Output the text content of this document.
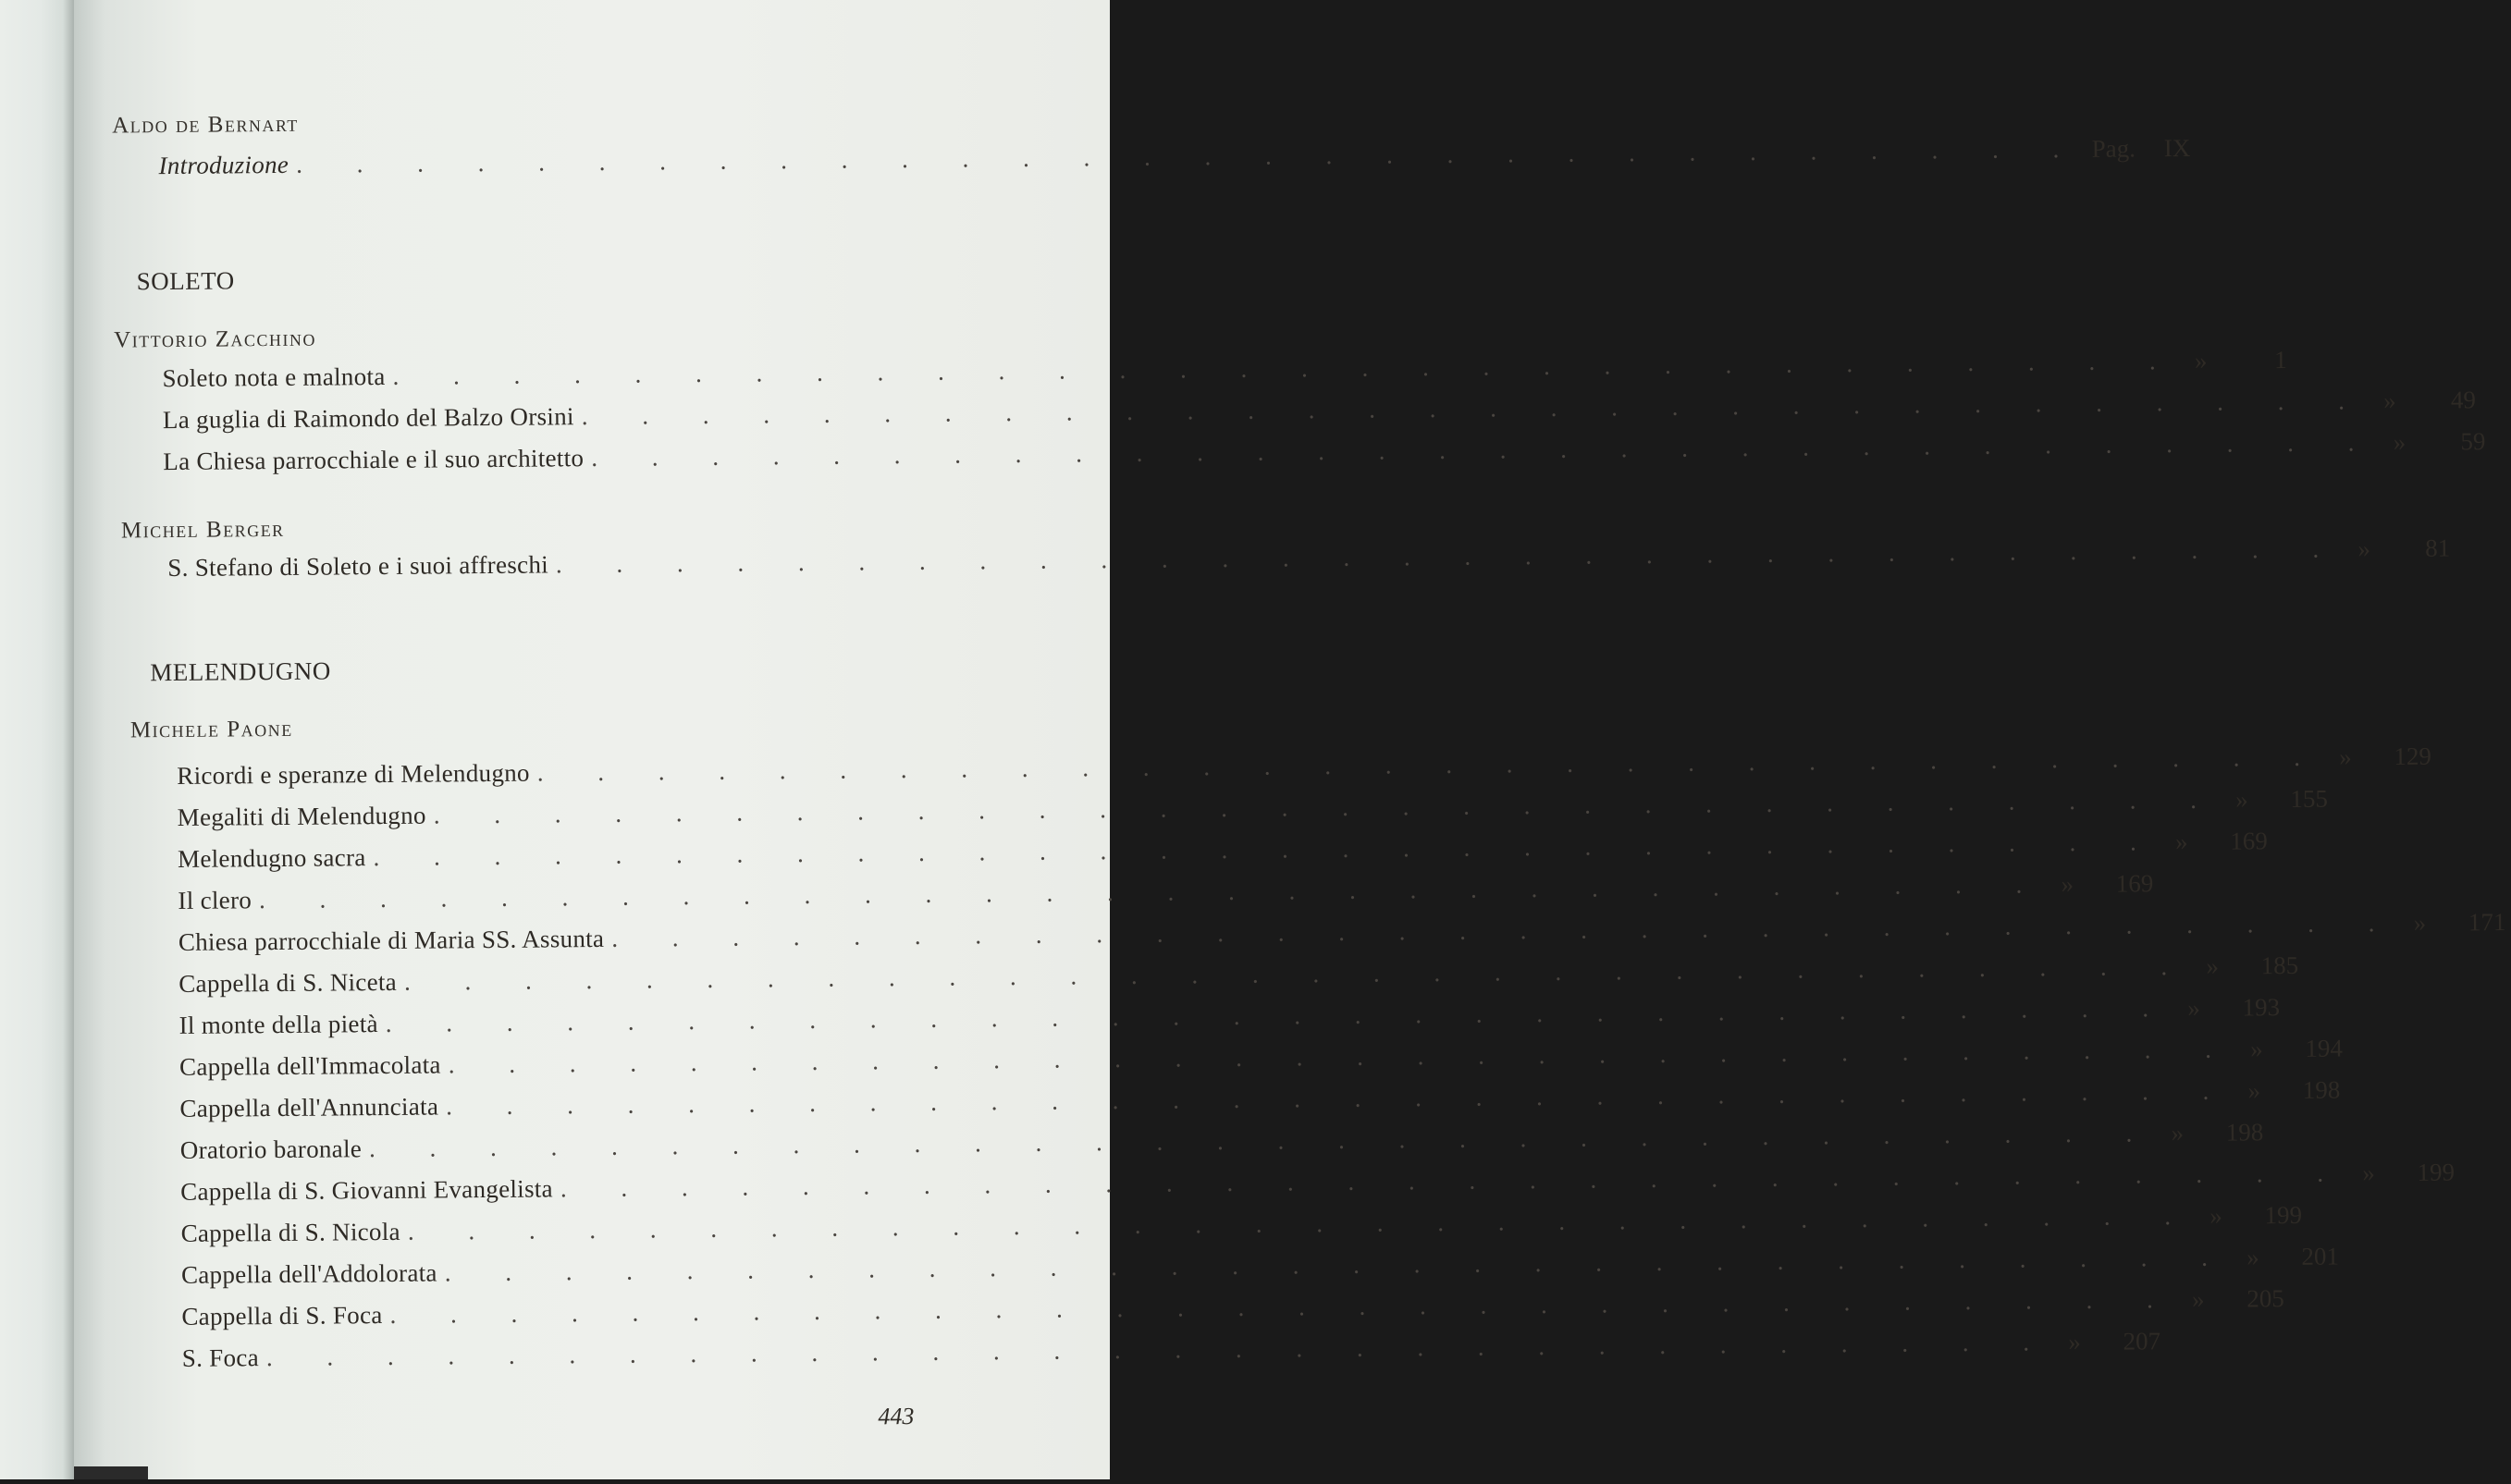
Aldo de Bernart
Introduzione . . . . . . . . . . . . . . . . . . . . . . . . . . . . . . Pag.	IX
SOLETO
Vittorio Zacchino
Soleto nota e malnota . . . . . . . . . . . . . . . . . . . . . . . . . . . . . . »	1
La guglia di Raimondo del Balzo Orsini . . . . . . . . . . . . . . . . . . . . . . . . . . . . . . »	49
La Chiesa parrocchiale e il suo architetto . . . . . . . . . . . . . . . . . . . . . . . . . . . . . . »	59
Michel Berger
S. Stefano di Soleto e i suoi affreschi . . . . . . . . . . . . . . . . . . . . . . . . . . . . . . »	81
MELENDUGNO
Michele Paone
Ricordi e speranze di Melendugno . . . . . . . . . . . . . . . . . . . . . . . . . . . . . . »	129
Megaliti di Melendugno . . . . . . . . . . . . . . . . . . . . . . . . . . . . . . »	155
Melendugno sacra . . . . . . . . . . . . . . . . . . . . . . . . . . . . . . »	169
Il clero . . . . . . . . . . . . . . . . . . . . . . . . . . . . . . »	169
Chiesa parrocchiale di Maria SS. Assunta . . . . . . . . . . . . . . . . . . . . . . . . . . . . . . »	171
Cappella di S. Niceta . . . . . . . . . . . . . . . . . . . . . . . . . . . . . . »	185
Il monte della pietà . . . . . . . . . . . . . . . . . . . . . . . . . . . . . . »	193
Cappella dell'Immacolata . . . . . . . . . . . . . . . . . . . . . . . . . . . . . . »	194
Cappella dell'Annunciata . . . . . . . . . . . . . . . . . . . . . . . . . . . . . . »	198
Oratorio baronale . . . . . . . . . . . . . . . . . . . . . . . . . . . . . . »	198
Cappella di S. Giovanni Evangelista . . . . . . . . . . . . . . . . . . . . . . . . . . . . . . »	199
Cappella di S. Nicola . . . . . . . . . . . . . . . . . . . . . . . . . . . . . . »	199
Cappella dell'Addolorata . . . . . . . . . . . . . . . . . . . . . . . . . . . . . . »	201
Cappella di S. Foca . . . . . . . . . . . . . . . . . . . . . . . . . . . . . . »	205
S. Foca . . . . . . . . . . . . . . . . . . . . . . . . . . . . . . »	207
443
